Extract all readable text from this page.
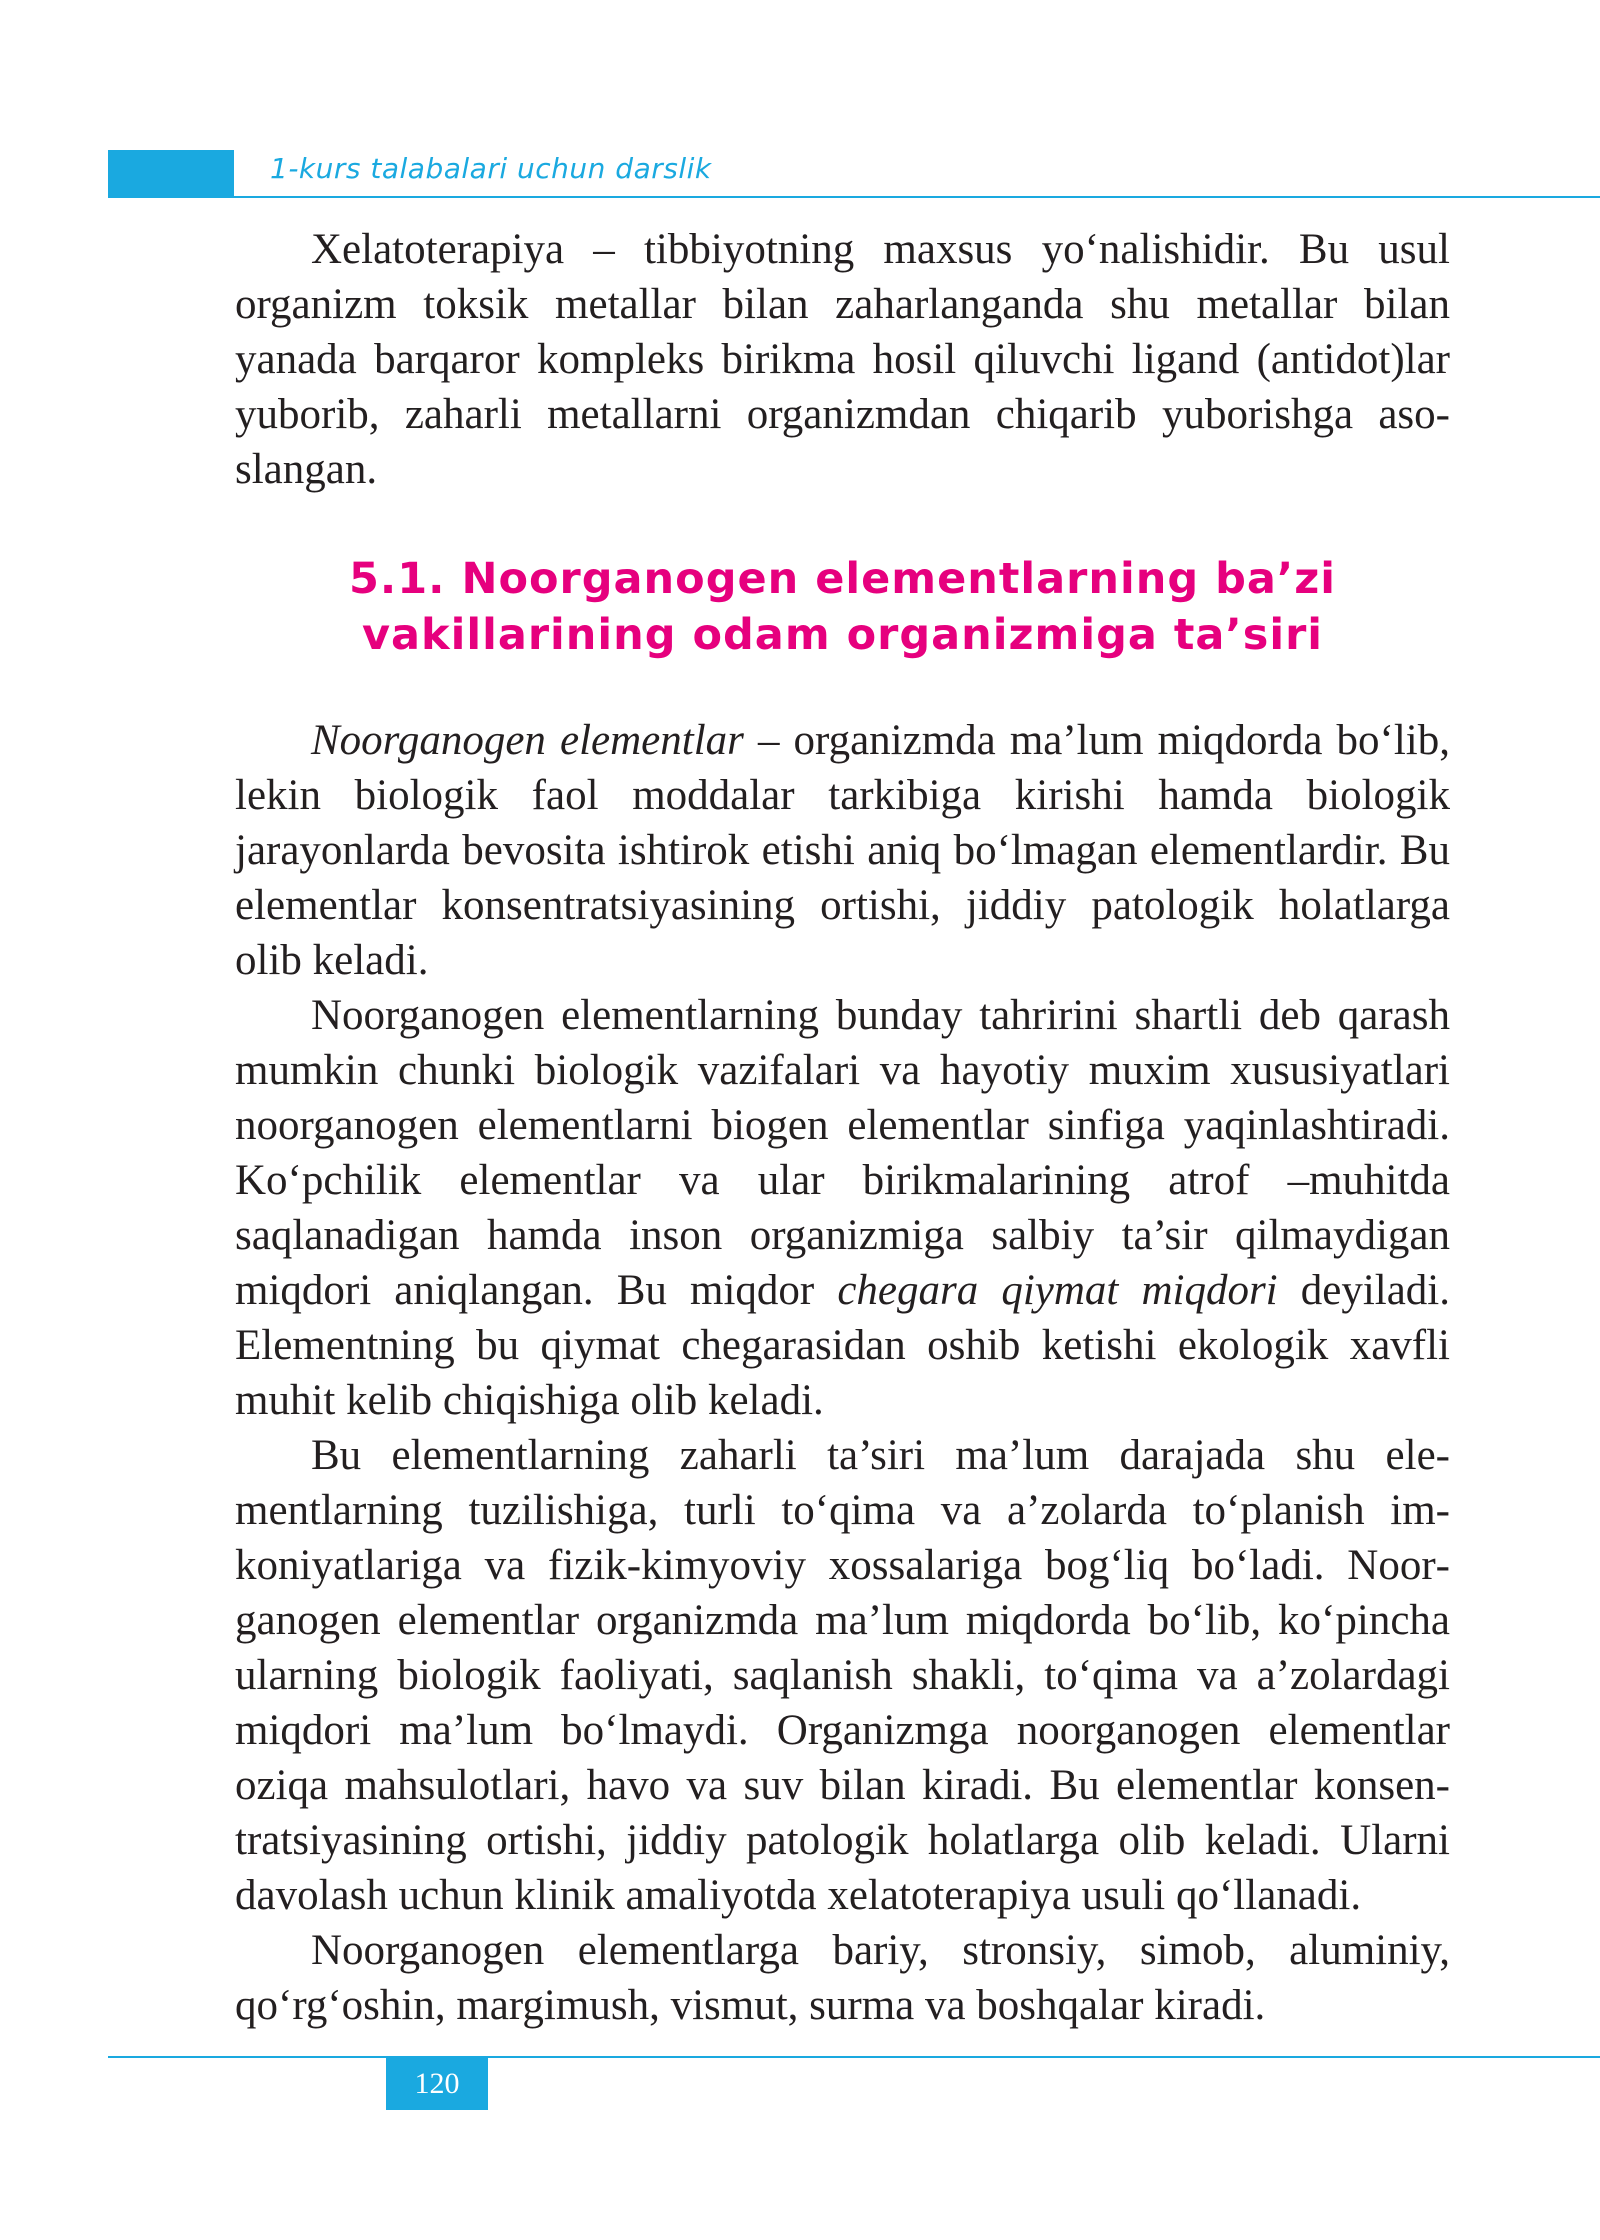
1-kurs talabalari uchun darslik

Xelatoterapiya – tibbiyotning maxsus yo‘nalishidir. Bu usul organizm toksik metallar bilan zaharlanganda shu metallar bilan yanada barqaror kompleks birikma hosil qiluvchi ligand (antidot)lar yuborib, zaharli metallarni organizmdan chiqarib yuborishga asoslangan.

5.1. Noorganogen elementlarning ba’zi
vakillarining odam organizmiga ta’siri

Noorganogen elementlar – organizmda ma’lum miqdorda bo‘lib, lekin biologik faol moddalar tarkibiga kirishi hamda biologik jarayonlarda bevosita ishtirok etishi aniq bo‘lmagan elementlardir. Bu elementlar konsentratsiyasining ortishi, jiddiy patologik holatlarga olib keladi.

Noorganogen elementlarning bunday tahririni shartli deb qarash mumkin chunki biologik vazifalari va hayotiy muxim xususiyatlari noorganogen elementlarni biogen elementlar sinfiga yaqinlashtiradi. Ko‘pchilik elementlar va ular birikmalarining atrof –muhitda saqlanadigan hamda inson organizmiga salbiy ta’sir qilmaydigan miqdori aniqlangan. Bu miqdor chegara qiymat miqdori deyiladi. Elementning bu qiymat chegarasidan oshib ketishi ekologik xavfli muhit kelib chiqishiga olib keladi.

Bu elementlarning zaharli ta’siri ma’lum darajada shu elementlarning tuzilishiga, turli to‘qima va a’zolarda to‘planish imkoniyatlariga va fizik-kimyoviy xossalariga bog‘liq bo‘ladi. Noorganogen elementlar organizmda ma’lum miqdorda bo‘lib, ko‘pincha ularning biologik faoliyati, saqlanish shakli, to‘qima va a’zolardagi miqdori ma’lum bo‘lmaydi. Organizmga noorganogen elementlar oziqa mahsulotlari, havo va suv bilan kiradi. Bu elementlar konsentratsiyasining ortishi, jiddiy patologik holatlarga olib keladi. Ularni davolash uchun klinik amaliyotda xelatoterapiya usuli qo‘llanadi.

Noorganogen elementlarga bariy, stronsiy, simob, aluminiy, qo‘rg‘oshin, margimush, vismut, surma va boshqalar kiradi.

120
